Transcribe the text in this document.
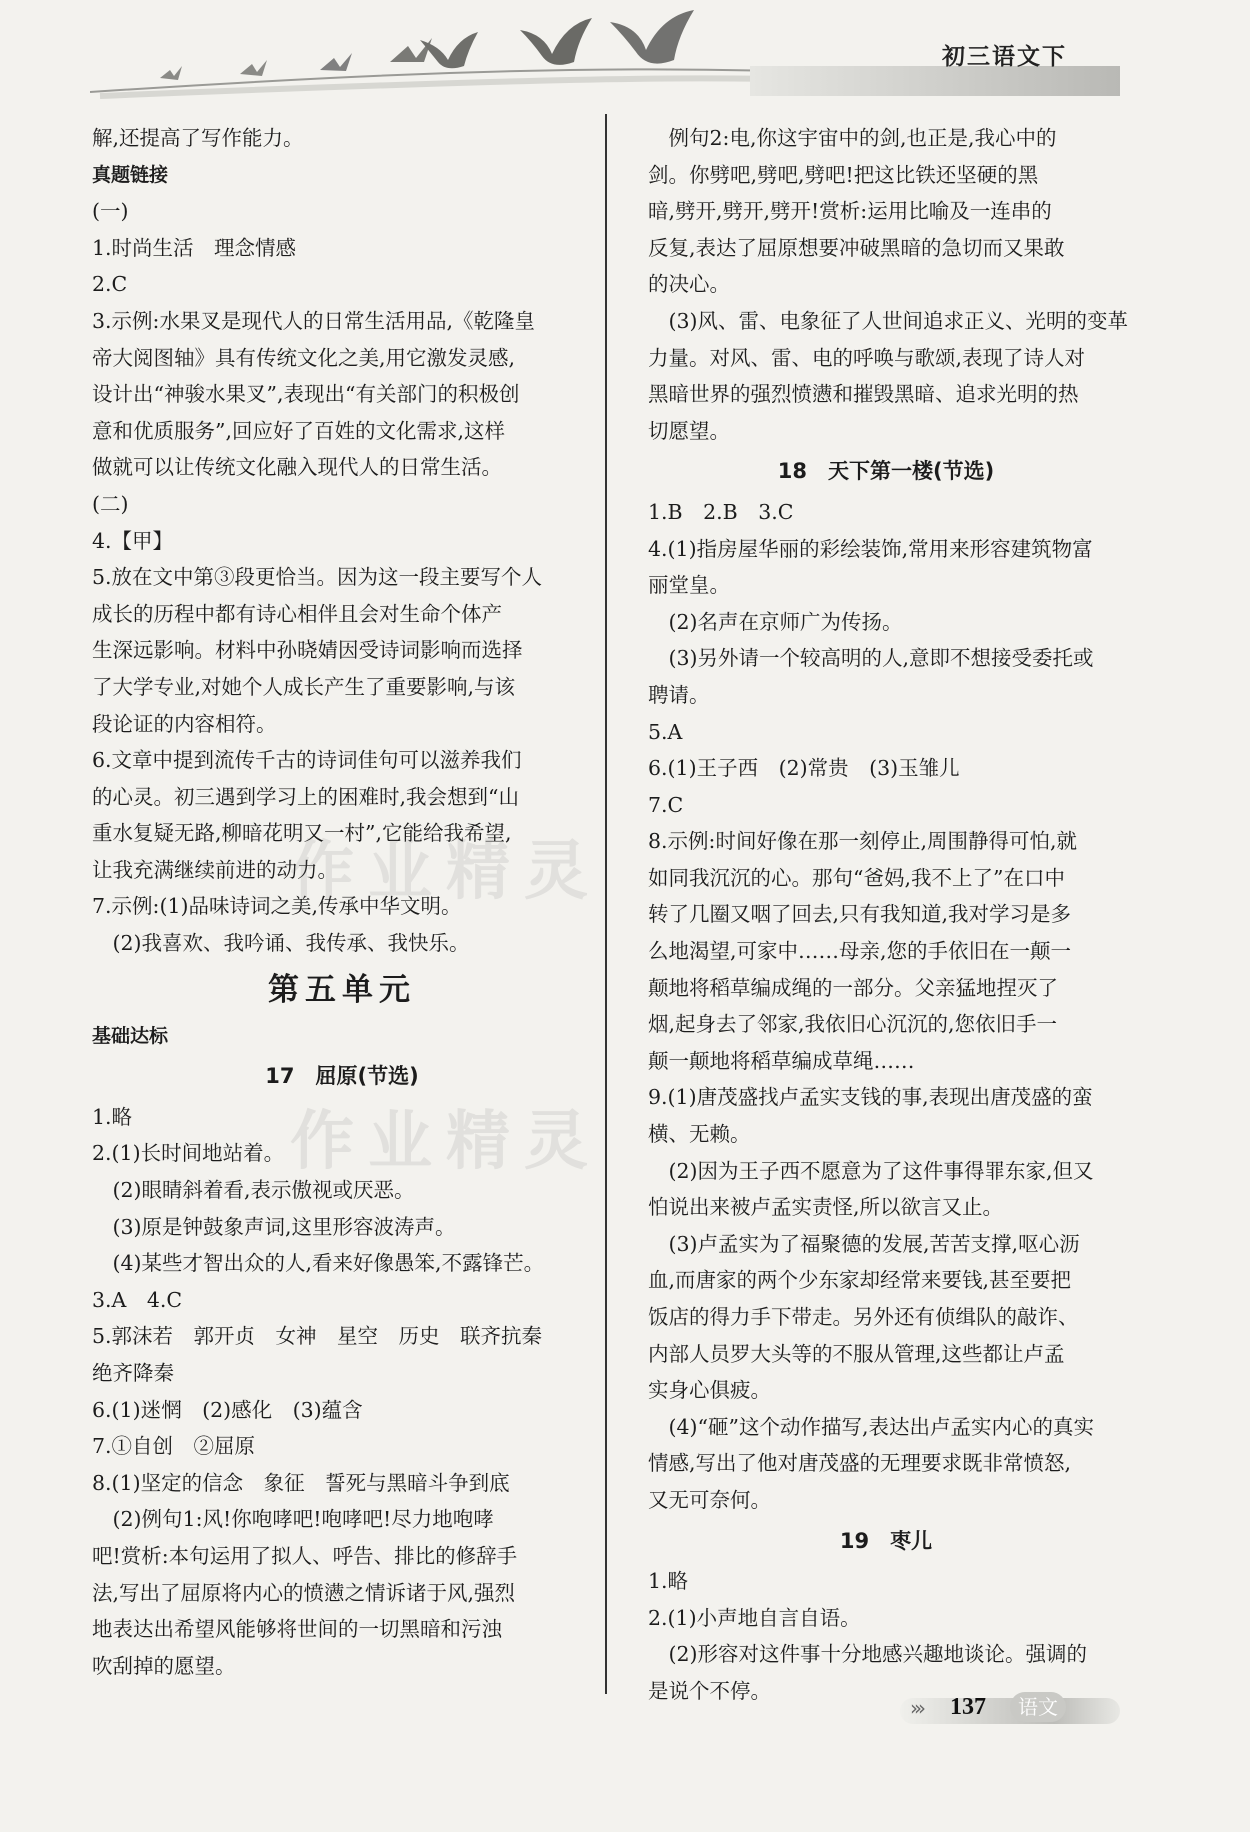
初三语文下
解,还提高了写作能力。
真题链接
(一)
1.时尚生活　理念情感
2.C
3.示例:水果叉是现代人的日常生活用品,《乾隆皇
帝大阅图轴》具有传统文化之美,用它激发灵感,
设计出“神骏水果叉”,表现出“有关部门的积极创
意和优质服务”,回应好了百姓的文化需求,这样
做就可以让传统文化融入现代人的日常生活。
(二)
4.【甲】
5.放在文中第③段更恰当。因为这一段主要写个人
成长的历程中都有诗心相伴且会对生命个体产
生深远影响。材料中孙晓婧因受诗词影响而选择
了大学专业,对她个人成长产生了重要影响,与该
段论证的内容相符。
6.文章中提到流传千古的诗词佳句可以滋养我们
的心灵。初三遇到学习上的困难时,我会想到“山
重水复疑无路,柳暗花明又一村”,它能给我希望,
让我充满继续前进的动力。
7.示例:(1)品味诗词之美,传承中华文明。
(2)我喜欢、我吟诵、我传承、我快乐。
第五单元
基础达标
17　屈原(节选)
1.略
2.(1)长时间地站着。
(2)眼睛斜着看,表示傲视或厌恶。
(3)原是钟鼓象声词,这里形容波涛声。
(4)某些才智出众的人,看来好像愚笨,不露锋芒。
3.A　4.C
5.郭沫若　郭开贞　女神　星空　历史　联齐抗秦
绝齐降秦
6.(1)迷惘　(2)感化　(3)蕴含
7.①自创　②屈原
8.(1)坚定的信念　象征　誓死与黑暗斗争到底
(2)例句1:风!你咆哮吧!咆哮吧!尽力地咆哮
吧!赏析:本句运用了拟人、呼告、排比的修辞手
法,写出了屈原将内心的愤懑之情诉诸于风,强烈
地表达出希望风能够将世间的一切黑暗和污浊
吹刮掉的愿望。
例句2:电,你这宇宙中的剑,也正是,我心中的
剑。你劈吧,劈吧,劈吧!把这比铁还坚硬的黑
暗,劈开,劈开,劈开!赏析:运用比喻及一连串的
反复,表达了屈原想要冲破黑暗的急切而又果敢
的决心。
(3)风、雷、电象征了人世间追求正义、光明的变革
力量。对风、雷、电的呼唤与歌颂,表现了诗人对
黑暗世界的强烈愤懑和摧毁黑暗、追求光明的热
切愿望。
18　天下第一楼(节选)
1.B　2.B　3.C
4.(1)指房屋华丽的彩绘装饰,常用来形容建筑物富
丽堂皇。
(2)名声在京师广为传扬。
(3)另外请一个较高明的人,意即不想接受委托或
聘请。
5.A
6.(1)王子西　(2)常贵　(3)玉雏儿
7.C
8.示例:时间好像在那一刻停止,周围静得可怕,就
如同我沉沉的心。那句“爸妈,我不上了”在口中
转了几圈又咽了回去,只有我知道,我对学习是多
么地渴望,可家中……母亲,您的手依旧在一颠一
颠地将稻草编成绳的一部分。父亲猛地捏灭了
烟,起身去了邻家,我依旧心沉沉的,您依旧手一
颠一颠地将稻草编成草绳……
9.(1)唐茂盛找卢孟实支钱的事,表现出唐茂盛的蛮
横、无赖。
(2)因为王子西不愿意为了这件事得罪东家,但又
怕说出来被卢孟实责怪,所以欲言又止。
(3)卢孟实为了福聚德的发展,苦苦支撑,呕心沥
血,而唐家的两个少东家却经常来要钱,甚至要把
饭店的得力手下带走。另外还有侦缉队的敲诈、
内部人员罗大头等的不服从管理,这些都让卢孟
实身心俱疲。
(4)“砸”这个动作描写,表达出卢孟实内心的真实
情感,写出了他对唐茂盛的无理要求既非常愤怒,
又无可奈何。
19　枣儿
1.略
2.(1)小声地自言自语。
(2)形容对这件事十分地感兴趣地谈论。强调的
是说个不停。
作业精灵
作业精灵
››› 137	语文
